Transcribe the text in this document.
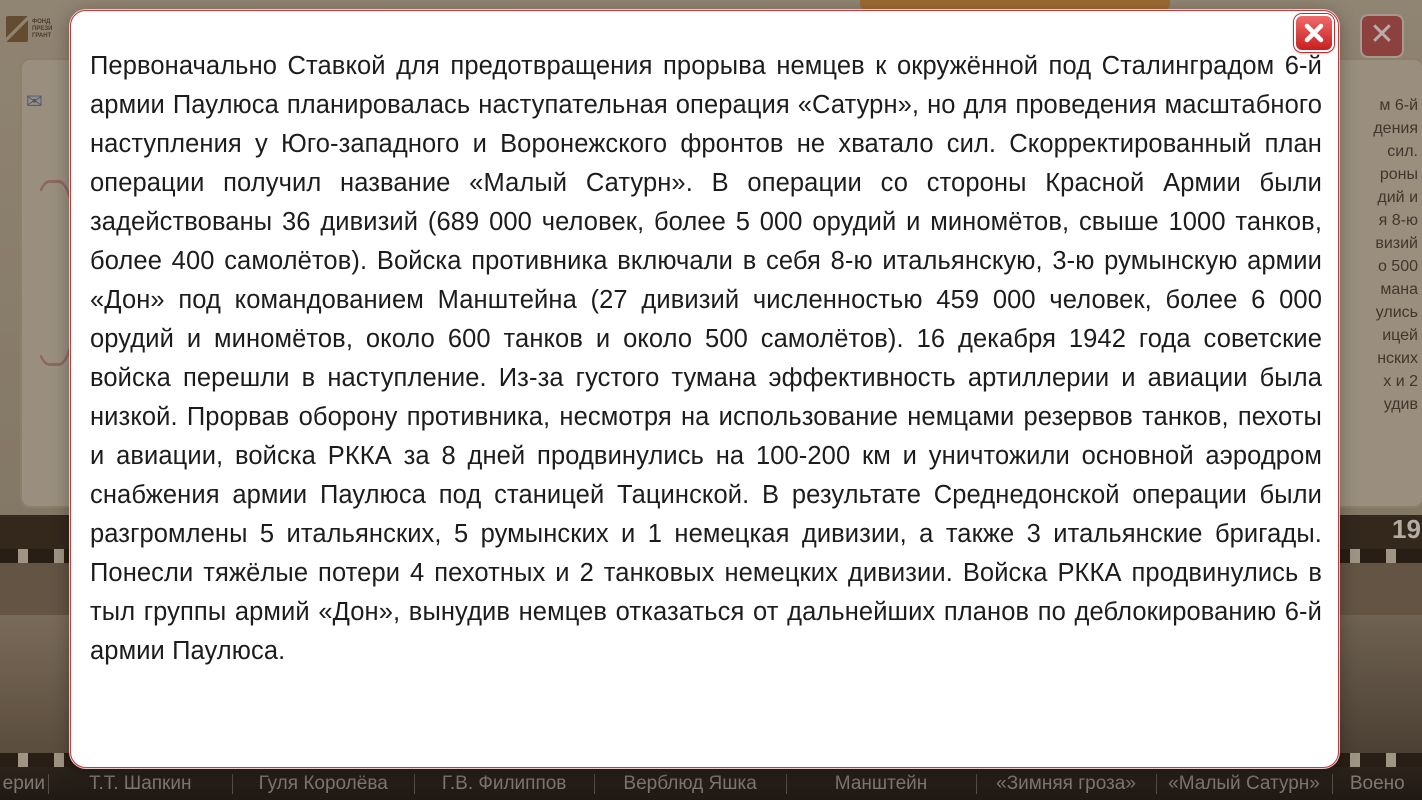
ФОНД
ПРЕЗИ
ГРАНТ
✉	м 6-й
дения
сил.
роны
дий и
я 8-ю
визий
о 500
мана
улись
ицей
нских
х и 2
удив
✕
19
ерии	Т.Т. Шапкин	Гуля Королёва	Г.В. Филиппов	Верблюд Яшка	Манштейн	«Зимняя гроза»	«Малый Сатурн»	Воено
Первоначально Ставкой для предотвращения прорыва немцев к окружённой под Сталинградом 6-й армии Паулюса планировалась наступательная операция «Сатурн», но для проведения масштабного наступления у Юго-западного и Воронежского фронтов не хватало сил. Скорректированный план операции получил название «Малый Сатурн». В операции со стороны Красной Армии были задействованы 36 дивизий (689 000 человек, более 5 000 орудий и миномётов, свыше 1000 танков, более 400 самолётов). Войска противника включали в себя 8-ю итальянскую, 3-ю румынскую армии «Дон» под командованием Манштейна (27 дивизий численностью 459 000 человек, более 6 000 орудий и миномётов, около 600 танков и около 500 самолётов). 16 декабря 1942 года советские войска перешли в наступление. Из-за густого тумана эффективность артиллерии и авиации была низкой. Прорвав оборону противника, несмотря на использование немцами резервов танков, пехоты и авиации, войска РККА за 8 дней продвинулись на 100-200 км и уничтожили основной аэродром снабжения армии Паулюса под станицей Тацинской. В результате Среднедонской операции были разгромлены 5 итальянских, 5 румынских и 1 немецкая дивизии, а также 3 итальянские бригады. Понесли тяжёлые потери 4 пехотных и 2 танковых немецких дивизии. Войска РККА продвинулись в тыл группы армий «Дон», вынудив немцев отказаться от дальнейших планов по деблокированию 6-й армии Паулюса.
